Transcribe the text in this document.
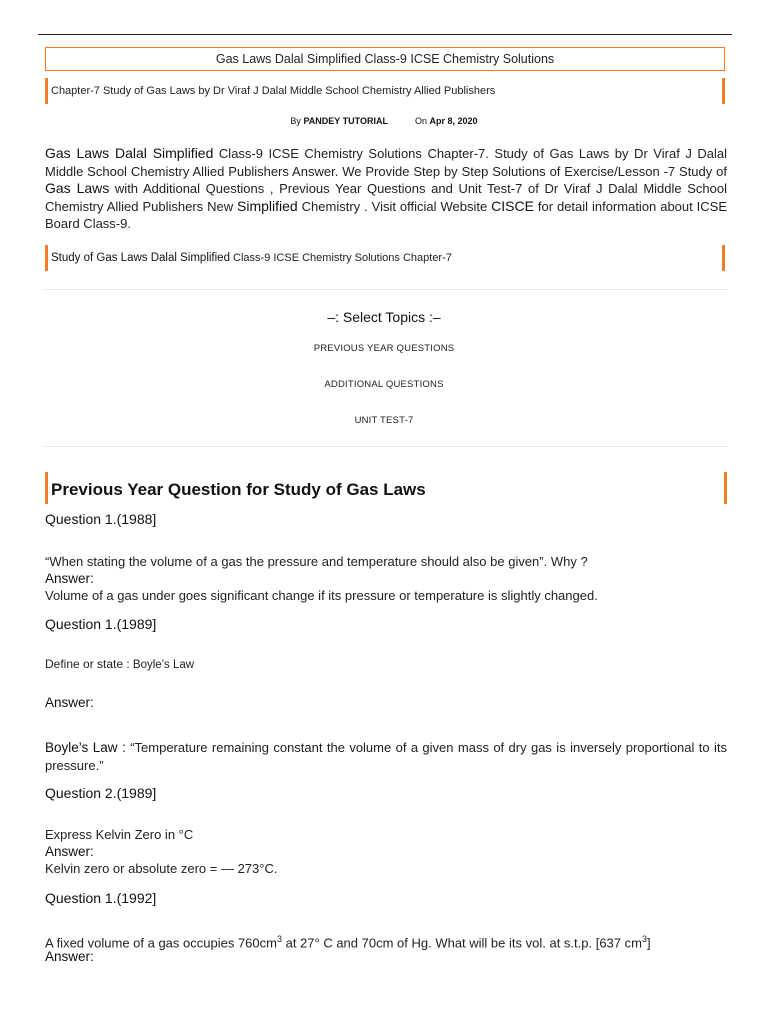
Gas Laws Dalal Simplified Class-9 ICSE Chemistry Solutions
Chapter-7 Study of Gas Laws by Dr Viraf J Dalal Middle School Chemistry Allied Publishers
By PANDEY TUTORIAL	On Apr 8, 2020
Gas Laws Dalal Simplified Class-9 ICSE Chemistry Solutions Chapter-7. Study of Gas Laws by Dr Viraf J Dalal Middle School Chemistry Allied Publishers Answer. We Provide Step by Step Solutions of Exercise/Lesson -7 Study of Gas Laws with Additional Questions , Previous Year Questions and Unit Test-7 of Dr Viraf J Dalal Middle School Chemistry Allied Publishers New Simplified Chemistry . Visit official Website CISCE for detail information about ICSE Board Class-9.
Study of Gas Laws Dalal Simplified Class-9 ICSE Chemistry Solutions Chapter-7
–: Select Topics :–
PREVIOUS YEAR QUESTIONS
ADDITIONAL QUESTIONS
UNIT TEST-7
Previous Year Question for Study of Gas Laws
Question 1.(1988]
“When stating the volume of a gas the pressure and temperature should also be given”. Why ?
Answer:
Volume of a gas under goes significant change if its pressure or temperature is slightly changed.
Question 1.(1989]
Define or state : Boyle’s Law
Answer:
Boyle’s Law : “Temperature remaining constant the volume of a given mass of dry gas is inversely proportional to its pressure.”
Question 2.(1989]
Express Kelvin Zero in °C
Answer:
Kelvin zero or absolute zero = — 273°C.
Question 1.(1992]
A fixed volume of a gas occupies $760cm^3$ at 27° C and 70cm of Hg. What will be its vol. at s.t.p. [637 $cm^3$]
Answer:
